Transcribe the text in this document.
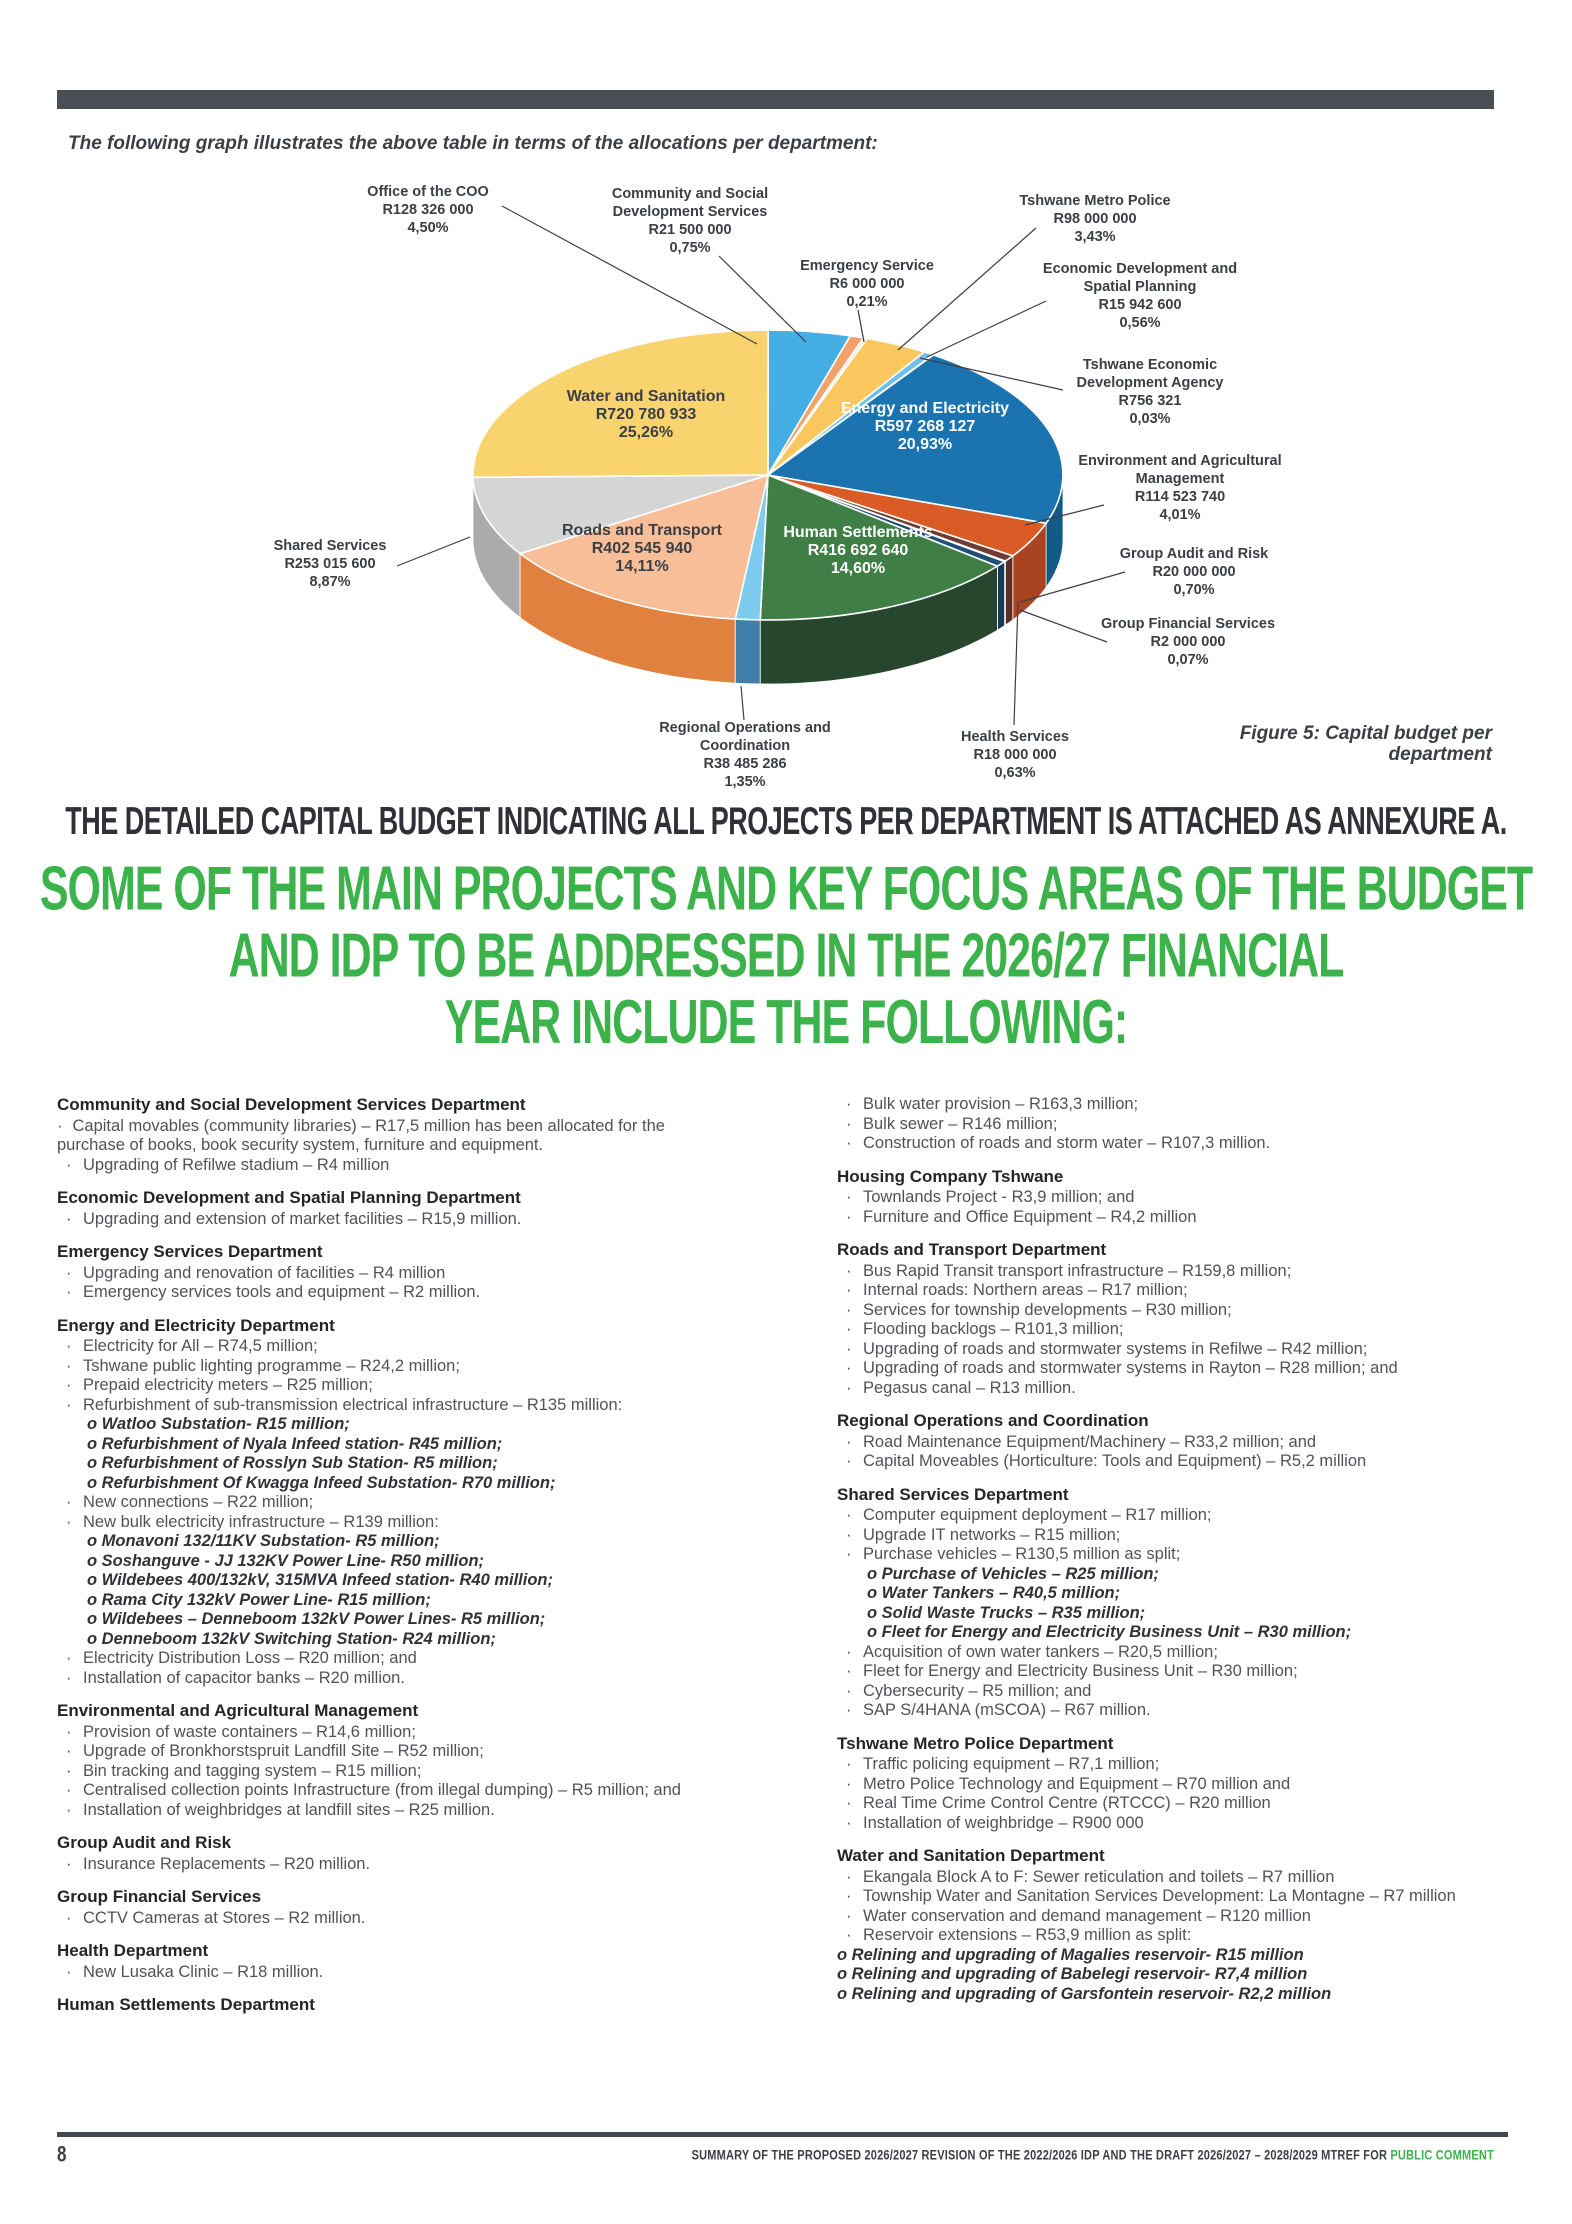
The following graph illustrates the above table in terms of the allocations per department:
Office of the COO R128 326 000 4,50%
Community and Social Development Services R21 500 000 0,75%
Emergency Service R6 000 000 0,21%
Tshwane Metro Police R98 000 000 3,43%
Economic Development and Spatial Planning R15 942 600 0,56%
Tshwane Economic Development Agency R756 321 0,03%
Energy and Electricity R597 268 127 20,93%
Environment and Agricultural Management R114 523 740 4,01%
Group Audit and Risk R20 000 000 0,70%
Group Financial Services R2 000 000 0,07%
Health Services R18 000 000 0,63%
Human Settlements R416 692 640 14,60%
Regional Operations and Coordination R38 485 286 1,35%
Roads and Transport R402 545 940 14,11%
Shared Services R253 015 600 8,87%
Water and Sanitation R720 780 933 25,26%
Figure 5: Capital budget per
department
THE DETAILED CAPITAL BUDGET INDICATING ALL PROJECTS PER DEPARTMENT IS ATTACHED AS ANNEXURE A.
SOME OF THE MAIN PROJECTS AND KEY FOCUS AREAS OF THE BUDGET
AND IDP TO BE ADDRESSED IN THE 2026/27 FINANCIAL
YEAR INCLUDE THE FOLLOWING:
Community and Social Development Services Department
· Capital movables (community libraries) – R17,5 million has been allocated for the purchase of books, book security system, furniture and equipment.
· Upgrading of Refilwe stadium – R4 million
Economic Development and Spatial Planning Department
· Upgrading and extension of market facilities – R15,9 million.
Emergency Services Department
· Upgrading and renovation of facilities – R4 million
· Emergency services tools and equipment – R2 million.
Energy and Electricity Department
· Electricity for All – R74,5 million;
· Tshwane public lighting programme – R24,2 million;
· Prepaid electricity meters – R25 million;
· Refurbishment of sub-transmission electrical infrastructure – R135 million:
o Watloo Substation- R15 million;
o Refurbishment of Nyala Infeed station- R45 million;
o Refurbishment of Rosslyn Sub Station- R5 million;
o Refurbishment Of Kwagga Infeed Substation- R70 million;
· New connections – R22 million;
· New bulk electricity infrastructure – R139 million:
o Monavoni 132/11KV Substation- R5 million;
o Soshanguve - JJ 132KV Power Line- R50 million;
o Wildebees 400/132kV, 315MVA Infeed station- R40 million;
o Rama City 132kV Power Line- R15 million;
o Wildebees – Denneboom 132kV Power Lines- R5 million;
o Denneboom 132kV Switching Station- R24 million;
· Electricity Distribution Loss – R20 million; and
· Installation of capacitor banks – R20 million.
Environmental and Agricultural Management
· Provision of waste containers – R14,6 million;
· Upgrade of Bronkhorstspruit Landfill Site – R52 million;
· Bin tracking and tagging system – R15 million;
· Centralised collection points Infrastructure (from illegal dumping) – R5 million; and
· Installation of weighbridges at landfill sites – R25 million.
Group Audit and Risk
· Insurance Replacements – R20 million.
Group Financial Services
· CCTV Cameras at Stores – R2 million.
Health Department
· New Lusaka Clinic – R18 million.
Human Settlements Department
· Bulk water provision – R163,3 million;
· Bulk sewer – R146 million;
· Construction of roads and storm water – R107,3 million.
Housing Company Tshwane
· Townlands Project - R3,9 million; and
· Furniture and Office Equipment – R4,2 million
Roads and Transport Department
· Bus Rapid Transit transport infrastructure – R159,8 million;
· Internal roads: Northern areas – R17 million;
· Services for township developments – R30 million;
· Flooding backlogs – R101,3 million;
· Upgrading of roads and stormwater systems in Refilwe – R42 million;
· Upgrading of roads and stormwater systems in Rayton – R28 million; and
· Pegasus canal – R13 million.
Regional Operations and Coordination
· Road Maintenance Equipment/Machinery – R33,2 million; and
· Capital Moveables (Horticulture: Tools and Equipment) – R5,2 million
Shared Services Department
· Computer equipment deployment – R17 million;
· Upgrade IT networks – R15 million;
· Purchase vehicles – R130,5 million as split;
o Purchase of Vehicles – R25 million;
o Water Tankers – R40,5 million;
o Solid Waste Trucks – R35 million;
o Fleet for Energy and Electricity Business Unit – R30 million;
· Acquisition of own water tankers – R20,5 million;
· Fleet for Energy and Electricity Business Unit – R30 million;
· Cybersecurity – R5 million; and
· SAP S/4HANA (mSCOA) – R67 million.
Tshwane Metro Police Department
· Traffic policing equipment – R7,1 million;
· Metro Police Technology and Equipment – R70 million and
· Real Time Crime Control Centre (RTCCC) – R20 million
· Installation of weighbridge – R900 000
Water and Sanitation Department
· Ekangala Block A to F: Sewer reticulation and toilets – R7 million
· Township Water and Sanitation Services Development: La Montagne – R7 million
· Water conservation and demand management – R120 million
· Reservoir extensions – R53,9 million as split:
o Relining and upgrading of Magalies reservoir- R15 million
o Relining and upgrading of Babelegi reservoir- R7,4 million
o Relining and upgrading of Garsfontein reservoir- R2,2 million
8	SUMMARY OF THE PROPOSED 2026/2027 REVISION OF THE 2022/2026 IDP AND THE DRAFT 2026/2027 – 2028/2029 MTREF FOR PUBLIC COMMENT
